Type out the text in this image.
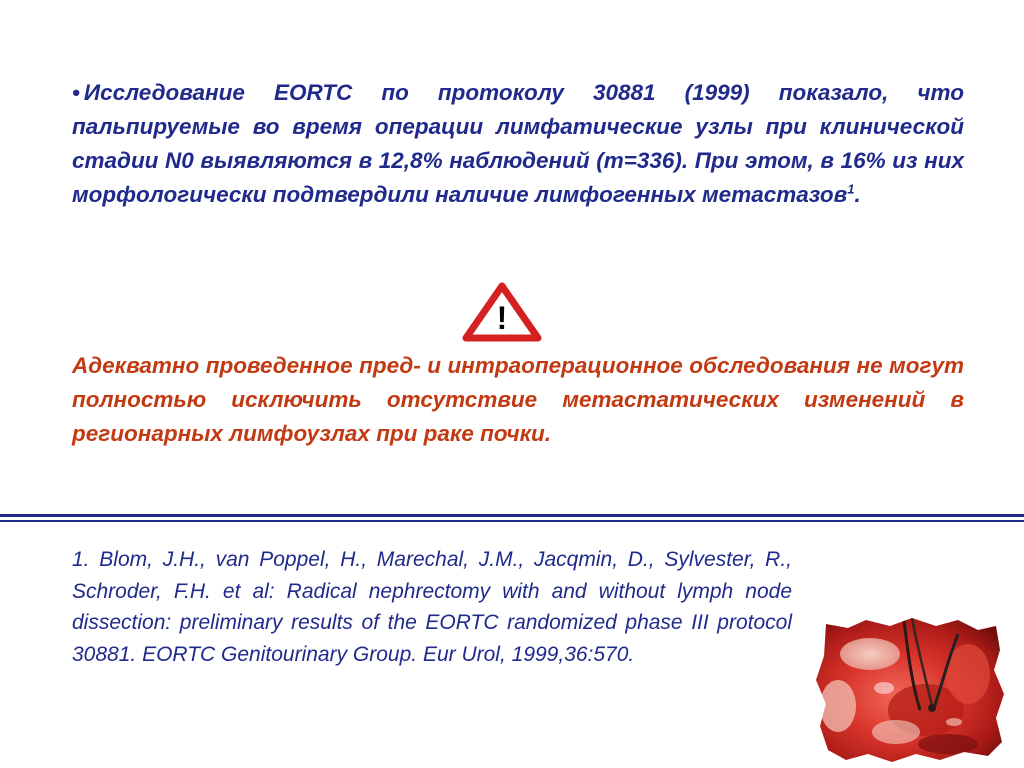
• Исследование EORTC по протоколу 30881 (1999) показало, что пальпируемые во время операции лимфатические узлы при клинической стадии N0 выявляются в 12,8% наблюдений (m=336). При этом, в 16% из них морфологически подтвердили наличие лимфогенных метастазов$^1$.

!

Адекватно проведенное пред- и интраоперационное обследования не могут полностью исключить отсутствие метастатических изменений в регионарных лимфоузлах при раке почки.

1. Blom, J.H., van Poppel, H., Marechal, J.M., Jacqmin, D., Sylvester, R., Schroder, F.H. et al: Radical nephrectomy with and without lymph node dissection: preliminary results of the EORTC randomized phase III protocol 30881. EORTC Genitourinary Group. Eur Urol, 1999,36:570.
